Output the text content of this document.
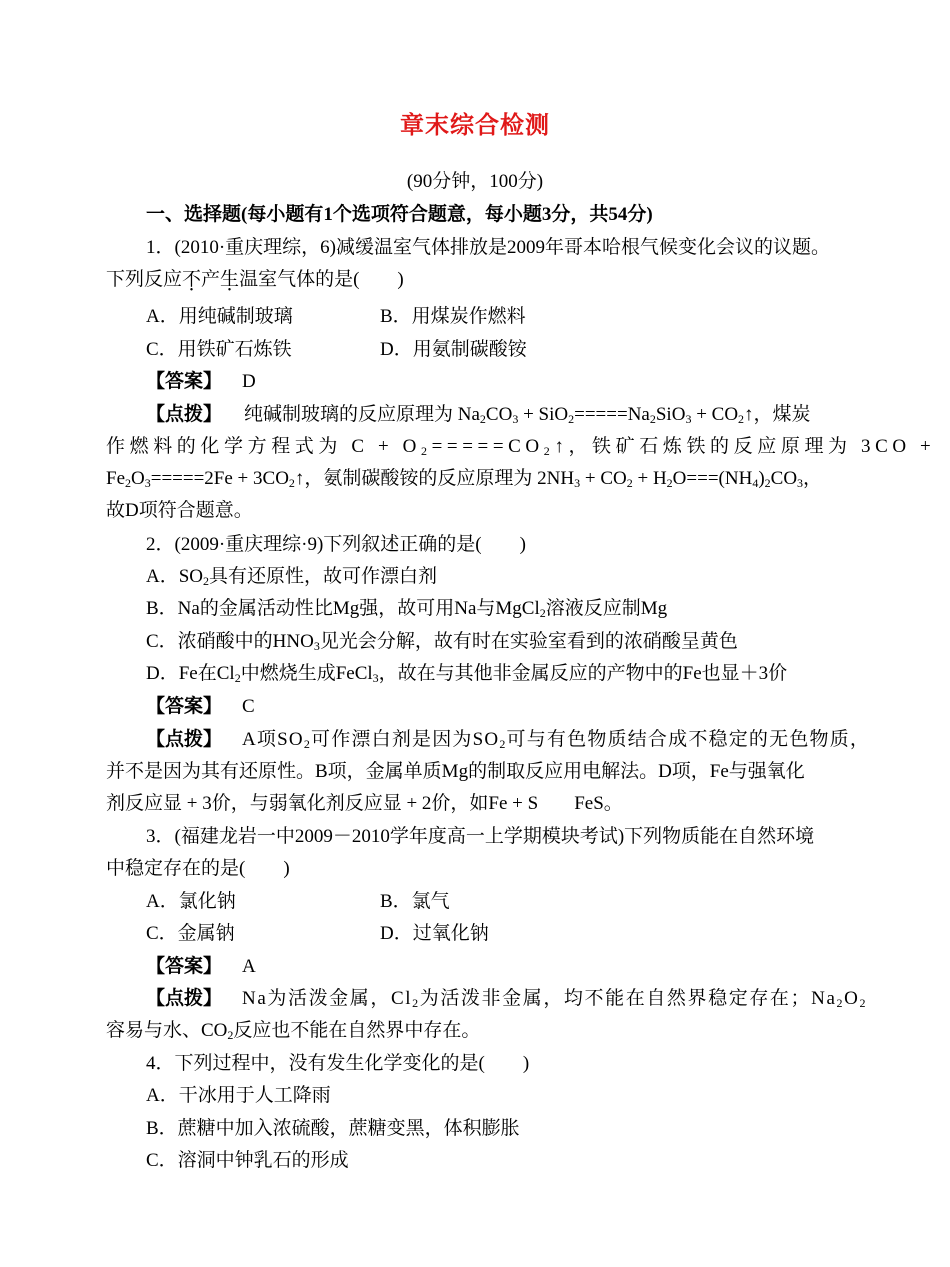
章末综合检测
(90分钟，100分)
一、选择题(每小题有1个选项符合题意，每小题3分，共54分)
1．(2010·重庆理综，6)减缓温室气体排放是2009年哥本哈根气候变化会议的议题。
下列反应不产生温室气体的是(　　)
A．用纯碱制玻璃	B．用煤炭作燃料
C．用铁矿石炼铁	D．用氨制碳酸铵
【答案】 D
【点拨】 纯碱制玻璃的反应原理为 $Na_2CO_3 + SiO_2=====Na_2SiO_3$ + $CO_2↑$，煤炭
作燃料的化学方程式为 $C + O_2=====CO_2↑$，铁矿石炼铁的反应原理为 3CO +
$Fe_2O_3=====2Fe$ + $3CO_2↑$，氨制碳酸铵的反应原理为 $2NH_3 + CO_2 + H_2O===(NH_4)_2CO_3$，
故D项符合题意。
2．(2009·重庆理综·9)下列叙述正确的是(　　)
A．$SO_2$具有还原性，故可作漂白剂
B．Na的金属活动性比Mg强，故可用Na与MgCl$_2$溶液反应制Mg
C．浓硝酸中的$HNO_3$见光会分解，故有时在实验室看到的浓硝酸呈黄色
D．Fe在$Cl_2$中燃烧生成FeCl$_3$，故在与其他非金属反应的产物中的Fe也显＋3价
【答案】 C
【点拨】 A项$SO_2$可作漂白剂是因为$SO_2$可与有色物质结合成不稳定的无色物质，
并不是因为其有还原性。B项，金属单质Mg的制取反应用电解法。D项，Fe与强氧化
剂反应显 + 3价，与弱氧化剂反应显 + 2价，如Fe + S FeS。
3．(福建龙岩一中2009－2010学年度高一上学期模块考试)下列物质能在自然环境
中稳定存在的是(　　)
A．氯化钠	B．氯气
C．金属钠	D．过氧化钠
【答案】 A
【点拨】 Na为活泼金属，$Cl_2$为活泼非金属，均不能在自然界稳定存在；$Na_2O_2$
容易与水、$CO_2$反应也不能在自然界中存在。
4．下列过程中，没有发生化学变化的是(　　)
A．干冰用于人工降雨
B．蔗糖中加入浓硫酸，蔗糖变黑，体积膨胀
C．溶洞中钟乳石的形成
